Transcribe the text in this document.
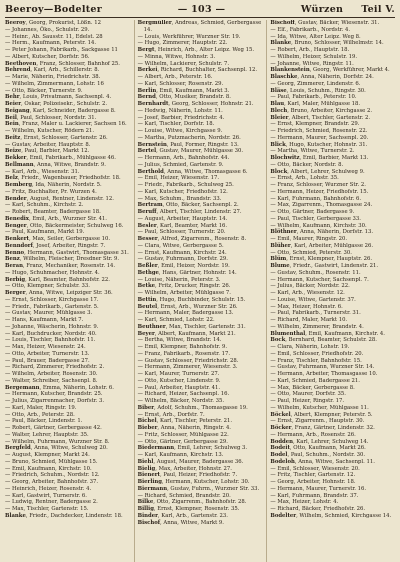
Beeroy—Bodelter	— 103 —	Würzen Teil V.
Beeroy, Georg, Prokurist, Lößn. 12
— Johannes, Öko., Schulstr. 29.
— Heinr., Ab. Sausstr. 11, Edelst. 28
— Herm., Kaufmann, Peterstr. 14.
— Peter Johann, Fabrikarb., Sackgasse 11
— Albert, Kutscher, Dorfstr. 56.
Beethoven, Franz, Schlosser, Bahnhof 25.
Behrend, Karl, Arb., Schillerstr. 8.
— Marie, Näherin, Friedrichstr. 38.
— Wilhelm, Zimmermann, Lohstr. 16
— Otto, Bäcker, Turnerstr. 9.
Behr, Louis, Privatmann, Sachsenpl. 4.
Beier, Oskar, Polizeisekr., Schulstr. 2.
Beigang, Karl, Schneider, Badergasse 8.
Beil, Paul, Schlosser, Nordstr. 31.
Bein, Franz, Maler u. Lackierer, Sachsen 16.
— Wilhelm, Kutscher, Rödern 21.
Beitz, Ernst, Schlosser, Gartenstr. 26.
— Gustav, Arbeiter, Hauptstr. 8.
Beize, Paul, Barbier, Markt 12.
Bekker, Emil, Fabrikarb., Mühlgasse 46.
Bellmann, Anna, Witwe, Brandstr. 9.
— Karl, Arb., Wiesenstr. 31.
Belz, Friedr., Wagenbauer, Friedhofstr. 18.
Bemberg, Ida, Näherin, Nordstr. 5.
— Fritz, Buchhalter, Pr. Wurzen 4.
Bender, August, Rentner, Lindenstr. 12.
— Karl, Schuhm., Kirchstr. 2.
— Robert, Beamter, Badergasse 18.
Benedix, Emil, Arb., Wurzner Str. 41.
Benger, Otto, Bäckermeister, Schulweg 16.
— Paul, Kaufmann, Markt 19.
Benkert, Max, Seiler, Gerbergasse 10.
Benndorf, Josef, Arbeiter, Ringstr. 7.
Benno, Hermann, Gastwirt, Thomasgasse 31.
Benz, Wilhelm, Fleischer, Dresdner Str. 9.
Beran, Franz, Mechaniker, Rosenstr. 14.
— Hugo, Schuhmacher, Hohnstr. 4.
Berbig, Karl, Beamter, Bahnhofstr. 22.
— Otto, Klempner, Schulstr. 33.
Berger, Anna, Witwe, Leipziger Str. 36.
— Ernst, Schlosser, Kirchgasse 17.
— Friedr., Fabrikarb., Gartenstr. 5.
— Gustav, Maurer, Mühlgasse 3.
— Hans, Kaufmann, Markt 7.
— Johanne, Wäscherin, Hohnstr. 9.
— Karl, Buchdrucker, Nordstr. 40.
— Louis, Tischler, Bahnhofstr. 11.
— Max, Heizer, Wiesenstr. 24.
— Otto, Arbeiter, Turnerstr. 13.
— Paul, Brauer, Badergasse 27.
— Richard, Zimmerer, Friedhofstr. 2.
— Wilhelm, Arbeiter, Rosenstr. 30.
— Walter, Schreiber, Sachsenpl. 8.
Bergemann, Emma, Näherin, Lohstr. 6.
— Hermann, Kutscher, Brandstr. 25.
— Julius, Zigarrenmacher, Dorfstr. 3.
— Karl, Maler, Ringstr. 19.
— Otto, Arb., Peterstr. 28.
— Paul, Bäcker, Lindenstr. 1.
— Robert, Gärtner, Gerbergasse 42.
— Walter, Lehrer, Hauptstr. 35.
— Wilhelm, Fuhrmann, Wurzner Str. 8.
Bergfeld, Anna, Witwe, Schulweg 20.
— August, Klempner, Markt 24.
— Bruno, Schmied, Mühlgasse 15.
— Emil, Kaufmann, Kirchstr. 10.
— Friedrich, Schuhm., Nordstr. 12.
— Georg, Arbeiter, Bahnhofstr. 37.
— Heinrich, Heizer, Rosenstr. 4.
— Karl, Gastwirt, Turnerstr. 6.
— Ludwig, Rentner, Badergasse 2.
— Max, Tischler, Gartenstr. 15.
Blanke, Friedr., Dachdecker, Lindenstr. 18.
Bergmüller, Andreas, Schmied, Gerbergasse 14.
— Louis, Werkführer, Wurzner Str. 19.
— Hugo, Zimmerer, Hauptstr. 22.
Bergt, Heinrich, Arb., Alter Leipz. Weg 15.
— Minna, Witwe, Hohnstr. 3.
— Wilhelm, Lackierer, Schulstr. 7.
Berkei, Richard, Buchhalter, Sachsenpl. 12.
— Albert, Arb., Peterstr. 16.
— Karl, Schlosser, Rosenstr. 29.
Berlin, Emil, Kaufmann, Markt 3.
Bernd, Otto, Musiker, Brandstr. 8.
Bernhardt, Georg, Schlosser, Hohnstr. 21.
— Hedwig, Näherin, Lohstr. 11.
— Josef, Barbier, Friedrichstr. 4.
— Karl, Tischler, Dorfstr. 18.
— Louise, Witwe, Kirchgasse 9.
— Martha, Putzmacherin, Nordstr. 26.
Bernstein, Paul, Former, Ringstr. 13.
Bertel, Gustav, Maurer, Mühlgasse 30.
— Hermann, Arb., Bahnhofstr. 44.
— Julius, Schmied, Gartenstr. 9.
Berthold, Anna, Witwe, Thomasgasse 6.
— Emil, Heizer, Wiesenstr. 17.
— Friedr., Fabrikarb., Schulweg 25.
— Karl, Kutscher, Friedhofstr. 12.
— Max, Schuhm., Brandstr. 33.
Bertram, Otto, Bäcker, Sachsenpl. 2.
Beruff, Albert, Tischler, Lindenstr. 27.
— August, Arbeiter, Hauptstr. 14.
Besler, Karl, Beamter, Markt 16.
— Paul, Schlosser, Turnerstr. 20.
Besser, Alfred, Zigarrenm., Rosenstr. 8.
— Clara, Witwe, Gerbergasse 5.
— Ernst, Kaufmann, Kirchstr. 24.
— Gustav, Fuhrmann, Dorfstr. 29.
Beßler, Emil, Heizer, Nordstr. 19.
Bethge, Hans, Gärtner, Hohnstr. 14.
— Louise, Näherin, Peterstr. 3.
Betke, Fritz, Drucker, Ringstr. 26.
— Wilhelm, Arbeiter, Mühlgasse 7.
Bettin, Hugo, Buchbinder, Schulstr. 15.
Beutel, Ernst, Arb., Wurzner Str. 26.
— Hermann, Maler, Badergasse 13.
— Karl, Schmied, Lohstr. 22.
Beuthner, Max, Tischler, Gartenstr. 31.
Beyer, Albert, Kaufmann, Markt 21.
— Bertha, Witwe, Brandstr. 14.
— Emil, Klempner, Bahnhofstr. 9.
— Franz, Fabrikarb., Rosenstr. 17.
— Gustav, Schlosser, Friedrichstr. 28.
— Hermann, Zimmerer, Wiesenstr. 3.
— Karl, Maurer, Turnerstr. 27.
— Otto, Kutscher, Lindenstr. 9.
— Paul, Arbeiter, Hauptstr. 41.
— Richard, Heizer, Sachsenpl. 16.
— Wilhelm, Bäcker, Nordstr. 35.
Biber, Adolf, Schuhm., Thomasgasse 19.
— Ernst, Arb., Dorfstr. 7.
Bichel, Karl, Tischler, Peterstr. 21.
Bieber, Anna, Näherin, Ringstr. 4.
— Fritz, Schlosser, Mühlgasse 22.
— Otto, Gärtner, Gerbergasse 29.
Biedermann, Emil, Lehrer, Schulweg 3.
— Karl, Kaufmann, Kirchstr. 13.
Biehl, August, Maurer, Badergasse 36.
Bielig, Max, Arbeiter, Hohnstr. 27.
Bienert, Paul, Heizer, Friedhofstr. 7.
Bierling, Hermann, Kutscher, Lohstr. 30.
Biermann, Gustav, Fuhrm., Wurzner Str. 33.
— Richard, Schmied, Brandstr. 20.
Bilke, Otto, Zigarrenm., Bahnhofstr. 28.
Billig, Ernst, Klempner, Rosenstr. 35.
Binder, Karl, Arb., Gartenstr. 23.
Bischof, Anna, Witwe, Markt 9.
Bischoff, Gustav, Bäcker, Wiesenstr. 31.
— Elf., Fabrikarb., Nordstr. 4.
— Ida, Witwe, Alter Leipz. Weg 8.
Blanke, Bruno, Schlosser, Wilhelmstr. 14.
— Robert, Arb., Hauptstr. 18.
— Wilhelm, Heizer, Schulstr. 19.
— Johanne, Witwe, Ringstr. 11.
Blankenstein, Georg, Werkführer, Markt 4.
Blaschke, Anna, Näherin, Dorfstr. 24.
— Georg, Zimmerer, Lindenstr. 6.
Bläse, Louis, Schuhm., Ringstr. 30.
— Paul, Fabrikarb., Peterstr. 10.
Blau, Karl, Maler, Mühlgasse 18.
Blech, Bruno, Arbeiter, Kirchgasse 2.
Bleier, Albert, Tischler, Gartenstr. 2.
— Ernst, Klempner, Brandstr. 29.
— Friedrich, Schmied, Rosenstr. 22.
— Hermann, Maurer, Sachsenpl. 20.
Blick, Hugo, Kutscher, Hohnstr. 31.
— Martha, Witwe, Turnerstr. 2.
Blochwitz, Emil, Barbier, Markt 13.
— Otto, Bäcker, Nordstr. 8.
Block, Albert, Lehrer, Schulweg 9.
— Ernst, Arb., Lohstr. 35.
— Franz, Schlosser, Wurzner Str. 2.
— Hermann, Heizer, Friedhofstr. 15.
— Karl, Fuhrmann, Bahnhofstr. 6.
— Max, Zigarrenm., Thomasgasse 24.
— Otto, Gärtner, Badergasse 9.
— Paul, Tischler, Gerbergasse 33.
— Wilhelm, Kaufmann, Kirchstr. 30.
Blöthner, Anna, Näherin, Dorfstr. 13.
— Emil, Maurer, Ringstr. 20.
Blüher, Karl, Arbeiter, Mühlgasse 26.
— Otto, Schmied, Peterstr. 30.
Blüm, Ernst, Klempner, Hauptstr. 26.
Blume, Friedr., Gastwirt, Lindenstr. 21.
— Gustav, Schuhm., Rosenstr. 11.
— Hermann, Kutscher, Sachsenpl. 7.
— Julius, Bäcker, Nordstr. 22.
— Karl, Arb., Wiesenstr. 12.
— Louise, Witwe, Gartenstr. 37.
— Max, Heizer, Hohnstr. 6.
— Paul, Fabrikarb., Turnerstr. 31.
— Richard, Maler, Markt 10.
— Wilhelm, Zimmerer, Brandstr. 4.
Blumenthal, Emil, Kaufmann, Kirchstr. 4.
Bock, Bernhard, Beamter, Schulstr. 28.
— Clara, Näherin, Lohstr. 19.
— Emil, Schlosser, Friedhofstr. 20.
— Franz, Tischler, Bahnhofstr. 15.
— Gustav, Fuhrmann, Wurzner Str. 14.
— Hermann, Arbeiter, Thomasgasse 10.
— Karl, Schmied, Badergasse 21.
— Max, Bäcker, Gerbergasse 8.
— Otto, Maurer, Dorfstr. 35.
— Paul, Heizer, Ringstr. 17.
— Wilhelm, Kutscher, Mühlgasse 11.
Böckel, Albert, Klempner, Peterstr. 5.
— Ernst, Zigarrenm., Hauptstr. 30.
Böcker, Franz, Gärtner, Lindenstr. 32.
— Hermann, Arb., Rosenstr. 26.
Bodden, Karl, Lehrer, Schulweg 14.
Bodeit, Otto, Kaufmann, Markt 26.
Bodel, Paul, Schuhm., Nordstr. 30.
Bodeloh, Anna, Witwe, Sachsenpl. 11.
— Emil, Schlosser, Wiesenstr. 20.
— Fritz, Tischler, Gartenstr. 12.
— Georg, Arbeiter, Hohnstr. 18.
— Hermann, Maurer, Turnerstr. 16.
— Karl, Fuhrmann, Brandstr. 37.
— Max, Heizer, Lohstr. 4.
— Richard, Bäcker, Friedhofstr. 26.
Bodelter, Wilhelm, Schmied, Kirchgasse 14.
